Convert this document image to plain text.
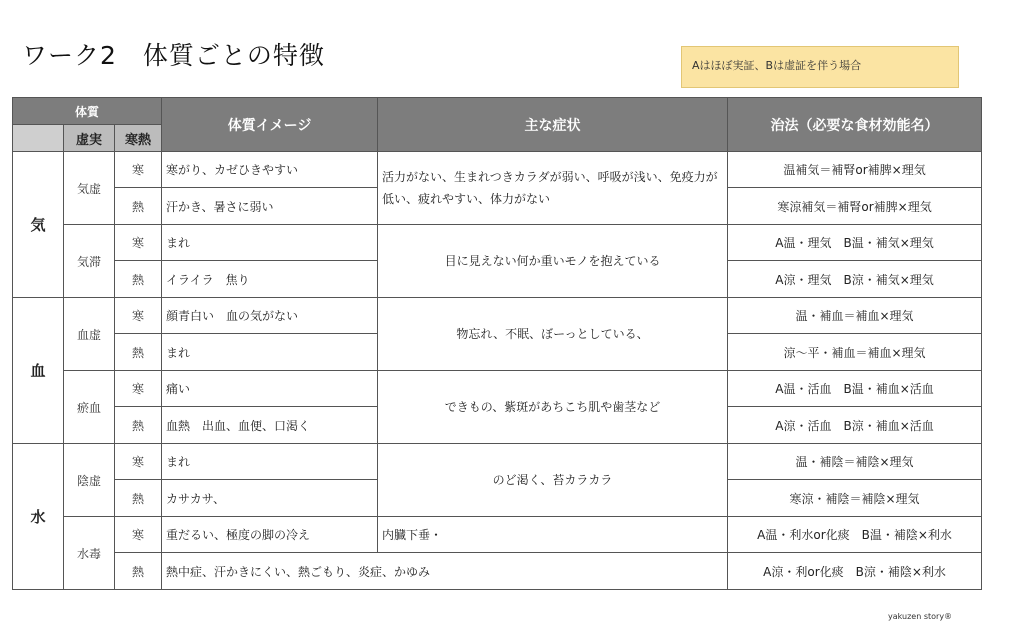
ワーク2　体質ごとの特徴	Aはほぼ実証、Bは虚証を伴う場合
体質			体質イメージ	主な症状	治法（必要な食材効能名）
	虚実	寒熱			
気	気虚	寒	寒がり、カゼひきやすい	活力がない、生まれつきカラダが弱い、呼吸が浅い、免疫力が低い、疲れやすい、体力がない	温補気＝補腎or補脾×理気
		熱	汗かき、暑さに弱い		寒涼補気＝補腎or補脾×理気
	気滞	寒	まれ	目に見えない何か重いモノを抱えている	A温・理気　B温・補気×理気
		熱	イライラ　焦り		A涼・理気　B涼・補気×理気
血	血虚	寒	顔青白い　血の気がない	物忘れ、不眠、ぼーっとしている、	温・補血＝補血×理気
		熱	まれ		涼〜平・補血＝補血×理気
	瘀血	寒	痛い	できもの、紫斑があちこち肌や歯茎など	A温・活血　B温・補血×活血
		熱	血熱　出血、血便、口渇く		A涼・活血　B涼・補血×活血
水	陰虚	寒	まれ	のど渇く、苔カラカラ	温・補陰＝補陰×理気
		熱	カサカサ、		寒涼・補陰＝補陰×理気
	水毒	寒	重だるい、極度の脚の冷え	内臓下垂・	A温・利水or化痰　B温・補陰×利水
		熱	熱中症、汗かきにくい、熱ごもり、炎症、かゆみ		A涼・利or化痰　B涼・補陰×利水
yakuzen story®
